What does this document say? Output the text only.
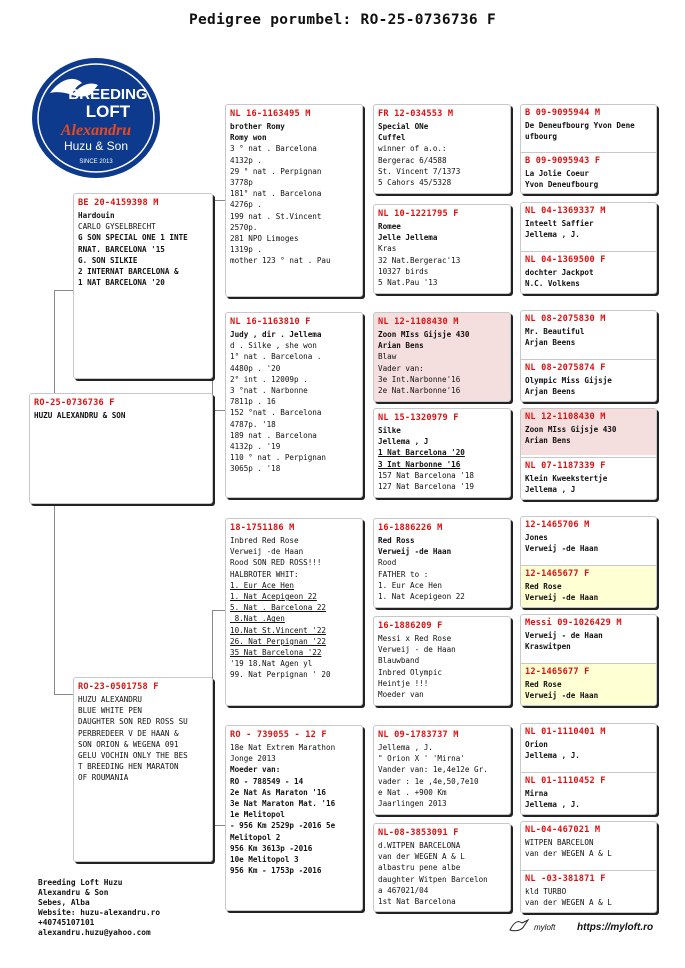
Pedigree porumbel: RO-25-0736736 F
BREEDING
LOFT
Alexandru
Huzu & Son
SINCE 2013
RO-25-0736736 F
HUZU ALEXANDRU & SON
BE 20-4159398 M
Hardouin
CARLO GYSELBRECHT
G SON SPECIAL ONE 1 INTE
RNAT. BARCELONA '15
G. SON SILKIE
2 INTERNAT BARCELONA &
1 NAT BARCELONA '20
RO-23-0501758 F
HUZU ALEXANDRU
BLUE WHITE PEN
DAUGHTER SON RED ROSS SU
PERBREDEER V DE HAAN &
SON ORION & WEGENA 091
GELU VOCHIN ONLY THE BES
T BREEDING HEN MARATON
OF ROUMANIA
NL 16-1163495 M
brother Romy
Romy won
3 ° nat . Barcelona
4132p .
29 ° nat . Perpignan
3778p
181° nat . Barcelona
4276p .
199 nat . St.Vincent
2570p.
281 NPO Limoges
1319p .
mother 123 ° nat . Pau
NL 16-1163810 F
Judy , dir . Jellema
d . Silke , she won
1° nat . Barcelona .
4480p . '20
2° int . 12009p .
3 °nat . Narbonne
7811p . 16
152 °nat . Barcelona
4787p. '18
189 nat . Barcelona
4132p . '19
110 ° nat . Perpignan
3065p . '18
18-1751186 M
Inbred Red Rose
Verweij -de Haan
Rood SON RED ROSS!!!
HALBROTER WHIT:
1. Eur Ace Hen
1. Nat Acepigeon 22
5. Nat . Barcelona 22
8.Nat .Agen
10.Nat St.Vincent '22
26. Nat Perpignan '22
35 Nat Barcelona '22
'19 18.Nat Agen yl
99. Nat Perpignan ' 20
RO - 739055 - 12 F
18e Nat Extrem Marathon
Jonge 2013
Moeder van:
RO - 788549 - 14
2e Nat As Maraton '16
3e Nat Maraton Mat. '16
1e Melitopol
- 956 Km 2529p -2016 5e
Melitopol 2
956 Km 3613p -2016
10e Melitopol 3
956 Km - 1753p -2016
FR 12-034553 M
Special ONe
Cuffel
winner of a.o.:
Bergerac 6/4588
St. Vincent 7/1373
5 Cahors 45/5328
NL 10-1221795 F
Romee
Jelle Jellema
Kras
32 Nat.Bergerac'13
10327 birds
5 Nat.Pau '13
NL 12-1108430 M
Zoon MIss Gijsje 430
Arian Bens
Blaw
Vader van:
3e Int.Narbonne'16
2e Nat.Narbonne'16
NL 15-1320979 F
Silke
Jellema , J
1 Nat Barcelona '20
3 Int Narbonne '16
157 Nat Barcelona '18
127 Nat Barcelona '19
16-1886226 M
Red Ross
Verweij -de Haan
Rood
FATHER to :
1. Eur Ace Hen
1. Nat Acepigeon 22
16-1886209 F
Messi x Red Rose
Verweij - de Haan
Blauwband
Inbred Olympic
Heintje !!!
Moeder van
NL 09-1783737 M
Jellema , J.
" Orion X ' 'Mirna'
Vander van: 1e,4e12e Gr.
vader : 1e ,4e,50,7e10
e Nat . +900 Km
Jaarlingen 2013
NL-08-3853091 F
d.WITPEN BARCELONA
van der WEGEN A & L
albastru pene albe
daughter Witpen Barcelon
a 467021/04
1st Nat Barcelona
B 09-9095944 M
De Deneufbourg Yvon Dene
ufbourg
B 09-9095943 F
La Jolie Coeur
Yvon Deneufbourg
NL 04-1369337 M
Inteelt Saffier
Jellema , J.
NL 04-1369500 F
dochter Jackpot
N.C. Volkens
NL 08-2075830 M
Mr. Beautiful
Arjan Beens
NL 08-2075874 F
Olympic Miss Gijsje
Arjan Beens
NL 12-1108430 M
Zoon MIss Gijsje 430
Arian Bens
NL 07-1187339 F
Klein Kweekstertje
Jellema , J
12-1465706 M
Jones
Verweij -de Haan
12-1465677 F
Red Rose
Verweij -de Haan
Messi 09-1026429 M
Verweij - de Haan
Kraswitpen
12-1465677 F
Red Rose
Verweij -de Haan
NL 01-1110401 M
Orion
Jellema , J.
NL 01-1110452 F
Mirna
Jellema , J.
NL-04-467021 M
WITPEN BARCELON
van der WEGEN A & L
NL -03-381871 F
kld TURBO
van der WEGEN A & L
Breeding Loft Huzu
Alexandru & Son
Sebes, Alba
Website: huzu-alexandru.ro
+40745107101
alexandru.huzu@yahoo.com
myloft https://myloft.ro
